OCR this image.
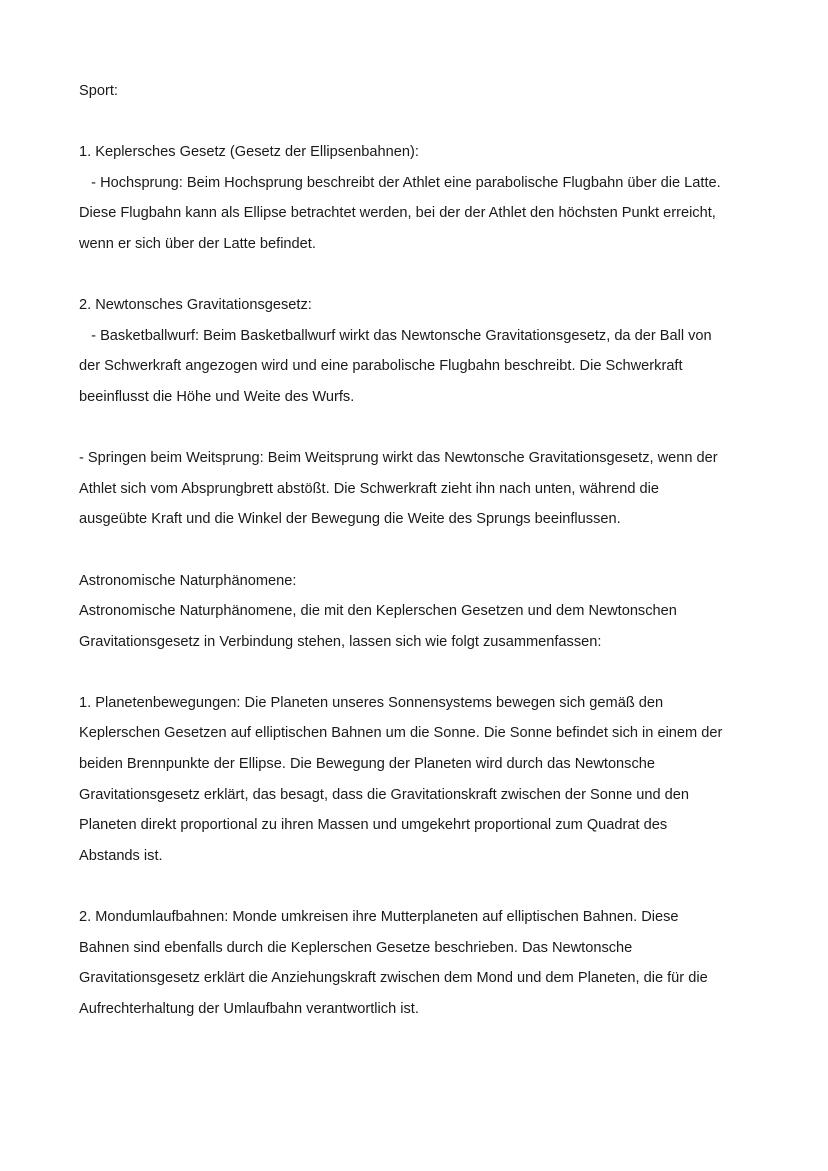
Sport:
1. Keplersches Gesetz (Gesetz der Ellipsenbahnen):
- Hochsprung: Beim Hochsprung beschreibt der Athlet eine parabolische Flugbahn über die Latte.
Diese Flugbahn kann als Ellipse betrachtet werden, bei der der Athlet den höchsten Punkt erreicht,
wenn er sich über der Latte befindet.
2. Newtonsches Gravitationsgesetz:
- Basketballwurf: Beim Basketballwurf wirkt das Newtonsche Gravitationsgesetz, da der Ball von
der Schwerkraft angezogen wird und eine parabolische Flugbahn beschreibt. Die Schwerkraft
beeinflusst die Höhe und Weite des Wurfs.
- Springen beim Weitsprung: Beim Weitsprung wirkt das Newtonsche Gravitationsgesetz, wenn der
Athlet sich vom Absprungbrett abstößt. Die Schwerkraft zieht ihn nach unten, während die
ausgeübte Kraft und die Winkel der Bewegung die Weite des Sprungs beeinflussen.
Astronomische Naturphänomene:
Astronomische Naturphänomene, die mit den Keplerschen Gesetzen und dem Newtonschen
Gravitationsgesetz in Verbindung stehen, lassen sich wie folgt zusammenfassen:
1. Planetenbewegungen: Die Planeten unseres Sonnensystems bewegen sich gemäß den
Keplerschen Gesetzen auf elliptischen Bahnen um die Sonne. Die Sonne befindet sich in einem der
beiden Brennpunkte der Ellipse. Die Bewegung der Planeten wird durch das Newtonsche
Gravitationsgesetz erklärt, das besagt, dass die Gravitationskraft zwischen der Sonne und den
Planeten direkt proportional zu ihren Massen und umgekehrt proportional zum Quadrat des
Abstands ist.
2. Mondumlaufbahnen: Monde umkreisen ihre Mutterplaneten auf elliptischen Bahnen. Diese
Bahnen sind ebenfalls durch die Keplerschen Gesetze beschrieben. Das Newtonsche
Gravitationsgesetz erklärt die Anziehungskraft zwischen dem Mond und dem Planeten, die für die
Aufrechterhaltung der Umlaufbahn verantwortlich ist.
